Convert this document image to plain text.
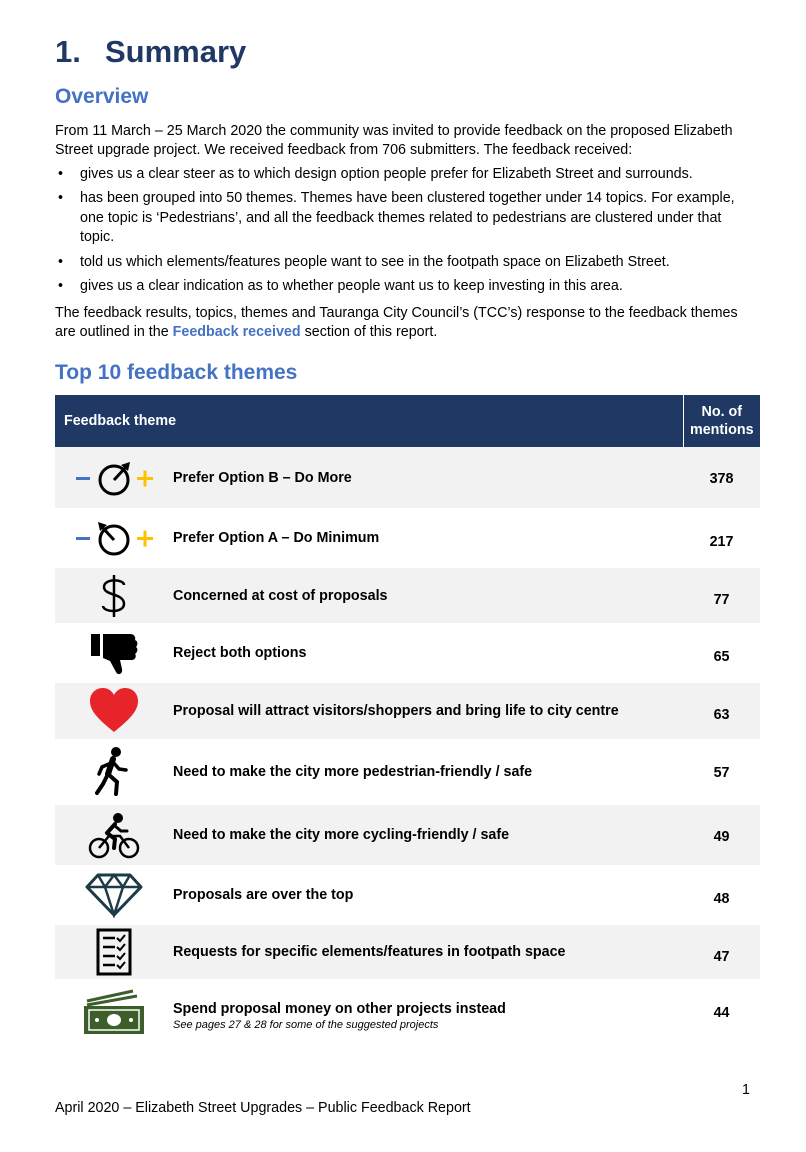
1. Summary
Overview

From 11 March – 25 March 2020 the community was invited to provide feedback on the proposed Elizabeth Street upgrade project. We received feedback from 706 submitters. The feedback received:

• gives us a clear steer as to which design option people prefer for Elizabeth Street and surrounds.
• has been grouped into 50 themes. Themes have been clustered together under 14 topics. For example, one topic is ‘Pedestrians’, and all the feedback themes related to pedestrians are clustered under that topic.
• told us which elements/features people want to see in the footpath space on Elizabeth Street.
• gives us a clear indication as to whether people want us to keep investing in this area.

The feedback results, topics, themes and Tauranga City Council’s (TCC’s) response to the feedback themes are outlined in the Feedback received section of this report.

Top 10 feedback themes
Feedback theme		No. of
mentions
	Prefer Option B – Do More	378
	Prefer Option A – Do Minimum	217
	Concerned at cost of proposals	77
	Reject both options	65
	Proposal will attract visitors/shoppers and bring life to city centre	63
	Need to make the city more pedestrian-friendly / safe	57
	Need to make the city more cycling-friendly / safe	49
	Proposals are over the top	48
	Requests for specific elements/features in footpath space	47
	Spend proposal money on other projects instead
See pages 27 & 28 for some of the suggested projects	44
1
April 2020 – Elizabeth Street Upgrades – Public Feedback Report
